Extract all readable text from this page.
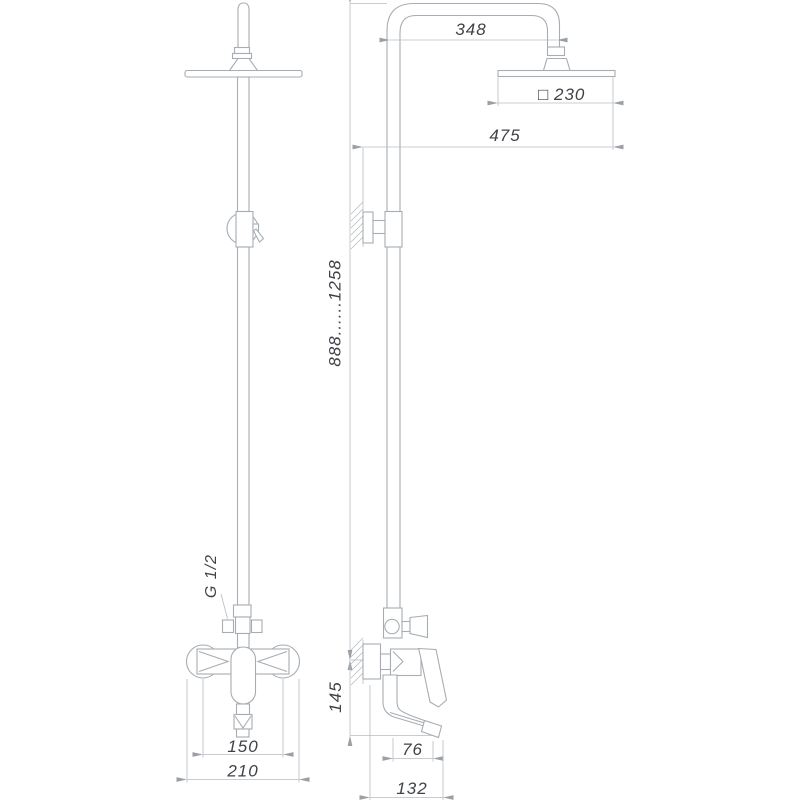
G 1/2
150
210
348
□ 230
475
888......1258
145
76
132
